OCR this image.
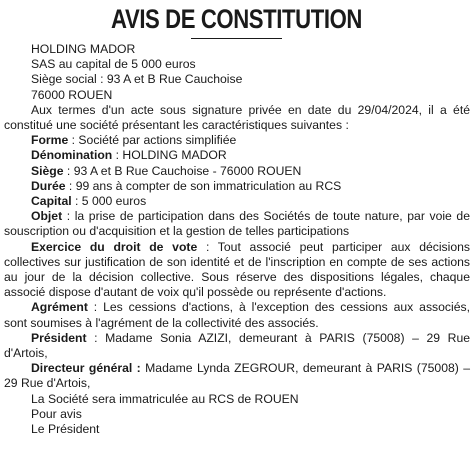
AVIS DE CONSTITUTION
HOLDING MADOR
SAS au capital de 5 000 euros
Siège social : 93 A et B Rue Cauchoise
76000 ROUEN
Aux termes d'un acte sous signature privée en date du 29/04/2024, il a été constitué une société présentant les caractéristiques suivantes :
Forme : Société par actions simplifiée
Dénomination : HOLDING MADOR
Siège : 93 A et B Rue Cauchoise - 76000 ROUEN
Durée : 99 ans à compter de son immatriculation au RCS
Capital : 5 000 euros
Objet : la prise de participation dans des Sociétés de toute nature, par voie de souscription ou d'acquisition et la gestion de telles participations
Exercice du droit de vote : Tout associé peut participer aux décisions collectives sur justification de son identité et de l'inscription en compte de ses actions au jour de la décision collective. Sous réserve des dispositions légales, chaque associé dispose d'autant de voix qu'il possède ou représente d'actions.
Agrément : Les cessions d'actions, à l'exception des cessions aux associés, sont soumises à l'agrément de la collectivité des associés.
Président : Madame Sonia AZIZI, demeurant à PARIS (75008) – 29 Rue d'Artois,
Directeur général : Madame Lynda ZEGROUR, demeurant à PARIS (75008) – 29 Rue d'Artois,
La Société sera immatriculée au RCS de ROUEN
Pour avis
Le Président
